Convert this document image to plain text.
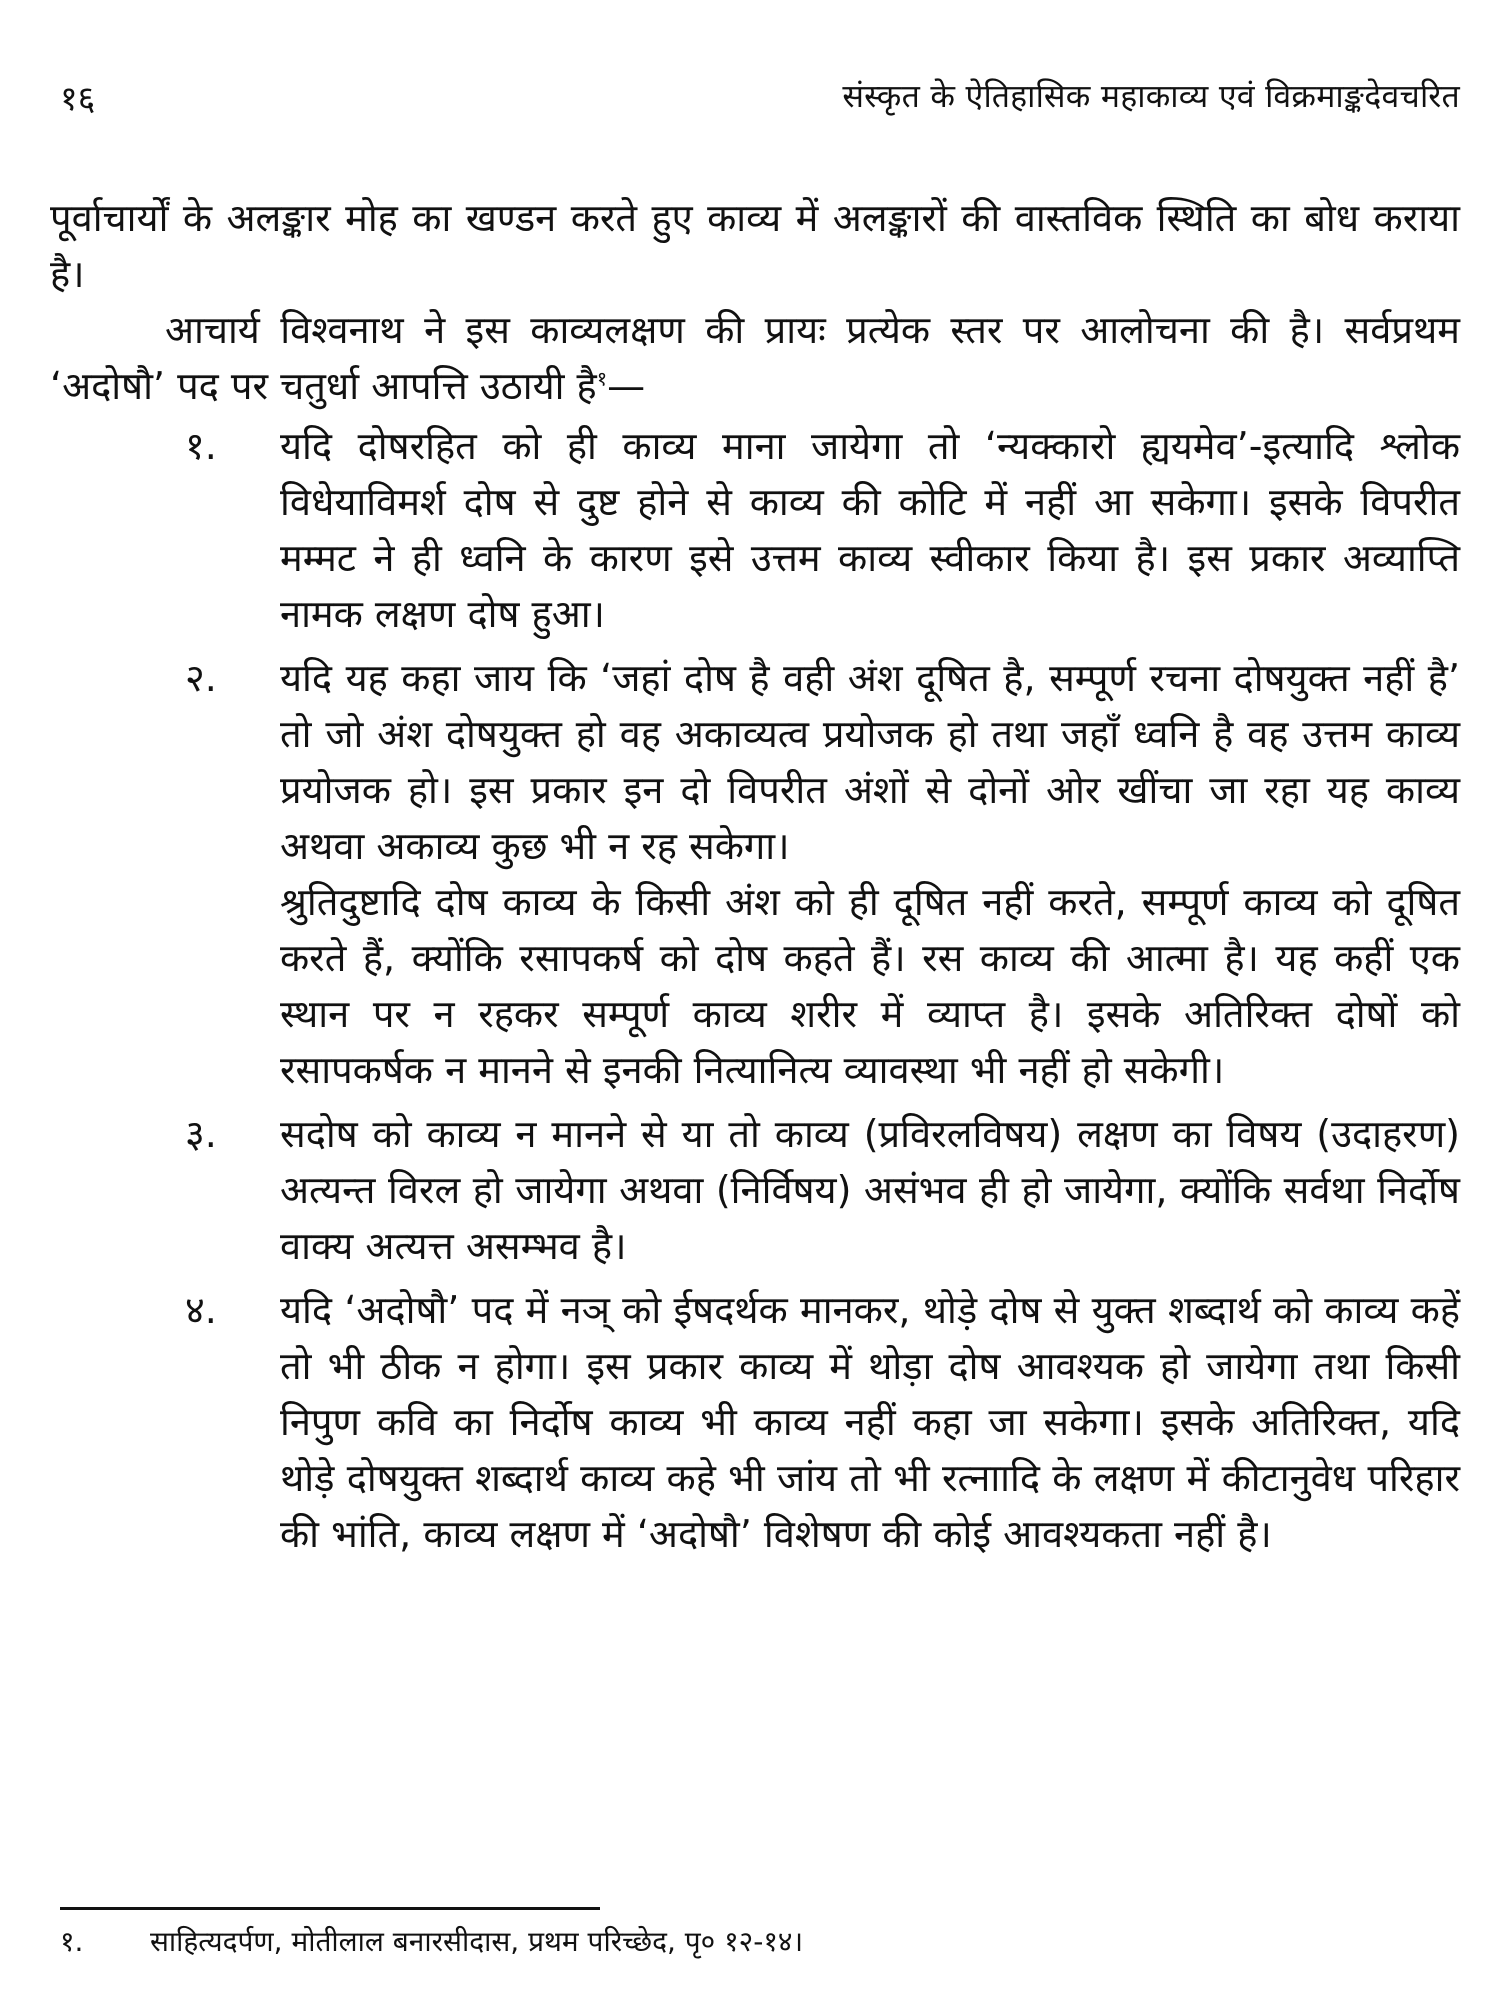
१६	संस्कृत के ऐतिहासिक महाकाव्य एवं विक्रमाङ्कदेवचरित

पूर्वाचार्यों के अलङ्कार मोह का खण्डन करते हुए काव्य में अलङ्कारों की वास्तविक स्थिति का बोध कराया है।

आचार्य विश्वनाथ ने इस काव्यलक्षण की प्रायः प्रत्येक स्तर पर आलोचना की है। सर्वप्रथम ‘अदोषौ’ पद पर चतुर्धा आपत्ति उठायी है$^१$—

१.	यदि दोषरहित को ही काव्य माना जायेगा तो ‘न्यक्कारो ह्ययमेव’-इत्यादि श्लोक विधेयाविमर्श दोष से दुष्ट होने से काव्य की कोटि में नहीं आ सकेगा। इसके विपरीत मम्मट ने ही ध्वनि के कारण इसे उत्तम काव्य स्वीकार किया है। इस प्रकार अव्याप्ति नामक लक्षण दोष हुआ।

२.	यदि यह कहा जाय कि ‘जहां दोष है वही अंश दूषित है, सम्पूर्ण रचना दोषयुक्त नहीं है’ तो जो अंश दोषयुक्त हो वह अकाव्यत्व प्रयोजक हो तथा जहाँ ध्वनि है वह उत्तम काव्य प्रयोजक हो। इस प्रकार इन दो विपरीत अंशों से दोनों ओर खींचा जा रहा यह काव्य अथवा अकाव्य कुछ भी न रह सकेगा।

श्रुतिदुष्टादि दोष काव्य के किसी अंश को ही दूषित नहीं करते, सम्पूर्ण काव्य को दूषित करते हैं, क्योंकि रसापकर्ष को दोष कहते हैं। रस काव्य की आत्मा है। यह कहीं एक स्थान पर न रहकर सम्पूर्ण काव्य शरीर में व्याप्त है। इसके अतिरिक्त दोषों को रसापकर्षक न मानने से इनकी नित्यानित्य व्यावस्था भी नहीं हो सकेगी।

३.	सदोष को काव्य न मानने से या तो काव्य (प्रविरलविषय) लक्षण का विषय (उदाहरण) अत्यन्त विरल हो जायेगा अथवा (निर्विषय) असंभव ही हो जायेगा, क्योंकि सर्वथा निर्दोष वाक्य अत्यत्त असम्भव है।

४.	यदि ‘अदोषौ’ पद में नञ् को ईषदर्थक मानकर, थोड़े दोष से युक्त शब्दार्थ को काव्य कहें तो भी ठीक न होगा। इस प्रकार काव्य में थोड़ा दोष आवश्यक हो जायेगा तथा किसी निपुण कवि का निर्दोष काव्य भी काव्य नहीं कहा जा सकेगा। इसके अतिरिक्त, यदि थोड़े दोषयुक्त शब्दार्थ काव्य कहे भी जांय तो भी रत्नाादि के लक्षण में कीटानुवेध परिहार की भांति, काव्य लक्षण में ‘अदोषौ’ विशेषण की कोई आवश्यकता नहीं है।

१.	साहित्यदर्पण, मोतीलाल बनारसीदास, प्रथम परिच्छेद, पृ० १२-१४।
